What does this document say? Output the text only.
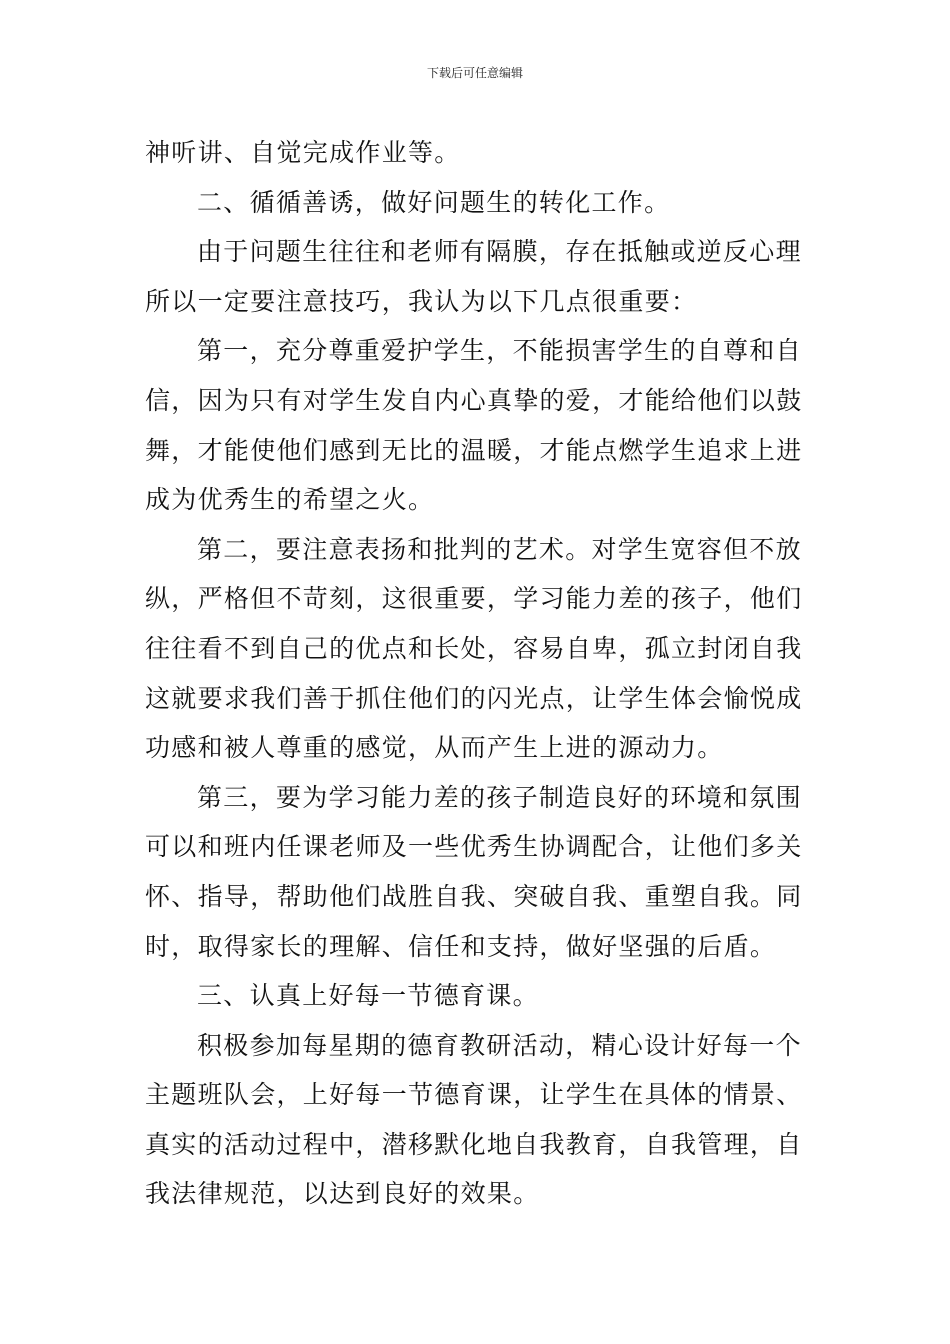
下载后可任意编辑
神听讲、自觉完成作业等。
二、循循善诱，做好问题生的转化工作。
由于问题生往往和老师有隔膜，存在抵触或逆反心理
所以一定要注意技巧，我认为以下几点很重要：
第一，充分尊重爱护学生，不能损害学生的自尊和自
信，因为只有对学生发自内心真挚的爱，才能给他们以鼓
舞，才能使他们感到无比的温暖，才能点燃学生追求上进
成为优秀生的希望之火。
第二，要注意表扬和批判的艺术。对学生宽容但不放
纵，严格但不苛刻，这很重要，学习能力差的孩子，他们
往往看不到自己的优点和长处，容易自卑，孤立封闭自我
这就要求我们善于抓住他们的闪光点，让学生体会愉悦成
功感和被人尊重的感觉，从而产生上进的源动力。
第三，要为学习能力差的孩子制造良好的环境和氛围
可以和班内任课老师及一些优秀生协调配合，让他们多关
怀、指导，帮助他们战胜自我、突破自我、重塑自我。同
时，取得家长的理解、信任和支持，做好坚强的后盾。
三、认真上好每一节德育课。
积极参加每星期的德育教研活动，精心设计好每一个
主题班队会，上好每一节德育课，让学生在具体的情景、
真实的活动过程中，潜移默化地自我教育，自我管理，自
我法律规范，以达到良好的效果。
